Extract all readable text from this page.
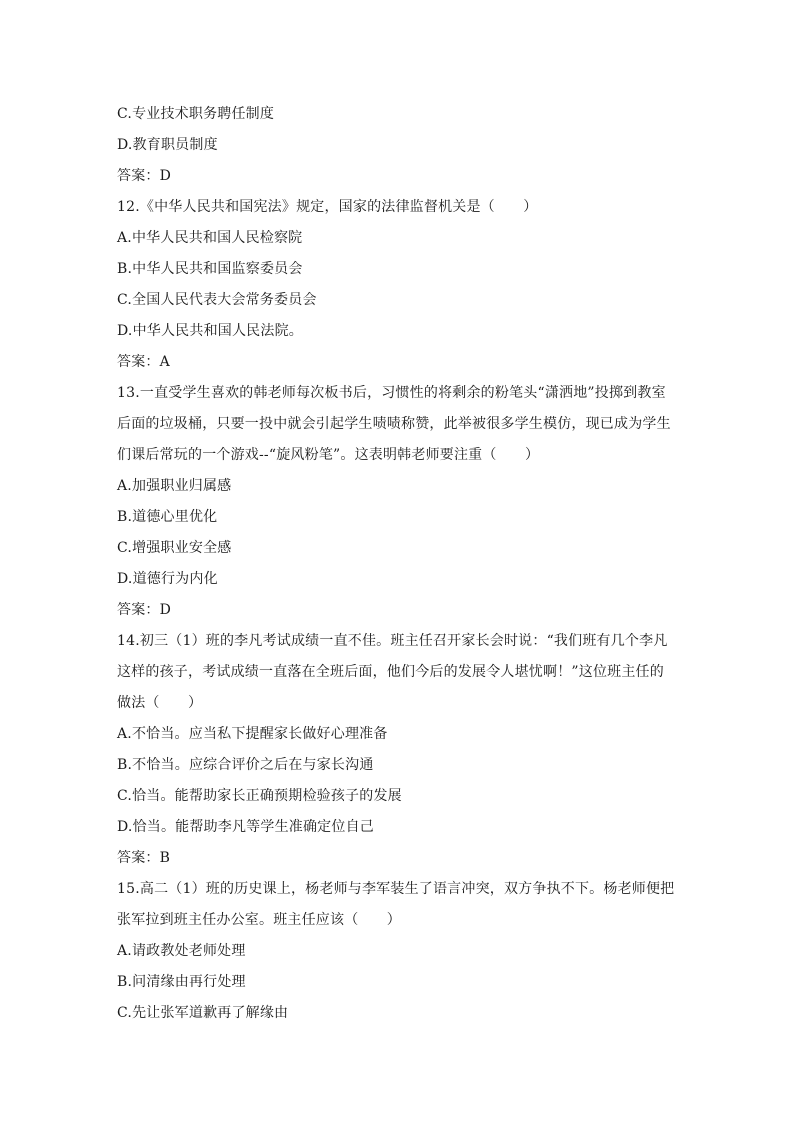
C.专业技术职务聘任制度
D.教育职员制度
答案：D
12.《中华人民共和国宪法》规定，国家的法律监督机关是（　　）
A.中华人民共和国人民检察院
B.中华人民共和国监察委员会
C.全国人民代表大会常务委员会
D.中华人民共和国人民法院。
答案：A
13.一直受学生喜欢的韩老师每次板书后，习惯性的将剩余的粉笔头“潇洒地”投掷到教室
后面的垃圾桶，只要一投中就会引起学生啧啧称赞，此举被很多学生模仿，现已成为学生
们课后常玩的一个游戏--“旋风粉笔”。这表明韩老师要注重（　　）
A.加强职业归属感
B.道德心里优化
C.增强职业安全感
D.道德行为内化
答案：D
14.初三（1）班的李凡考试成绩一直不佳。班主任召开家长会时说：“我们班有几个李凡
这样的孩子，考试成绩一直落在全班后面，他们今后的发展令人堪忧啊！”这位班主任的
做法（　　）
A.不恰当。应当私下提醒家长做好心理准备
B.不恰当。应综合评价之后在与家长沟通
C.恰当。能帮助家长正确预期检验孩子的发展
D.恰当。能帮助李凡等学生准确定位自己
答案：B
15.高二（1）班的历史课上，杨老师与李军装生了语言冲突，双方争执不下。杨老师便把
张军拉到班主任办公室。班主任应该（　　）
A.请政教处老师处理
B.问清缘由再行处理
C.先让张军道歉再了解缘由
